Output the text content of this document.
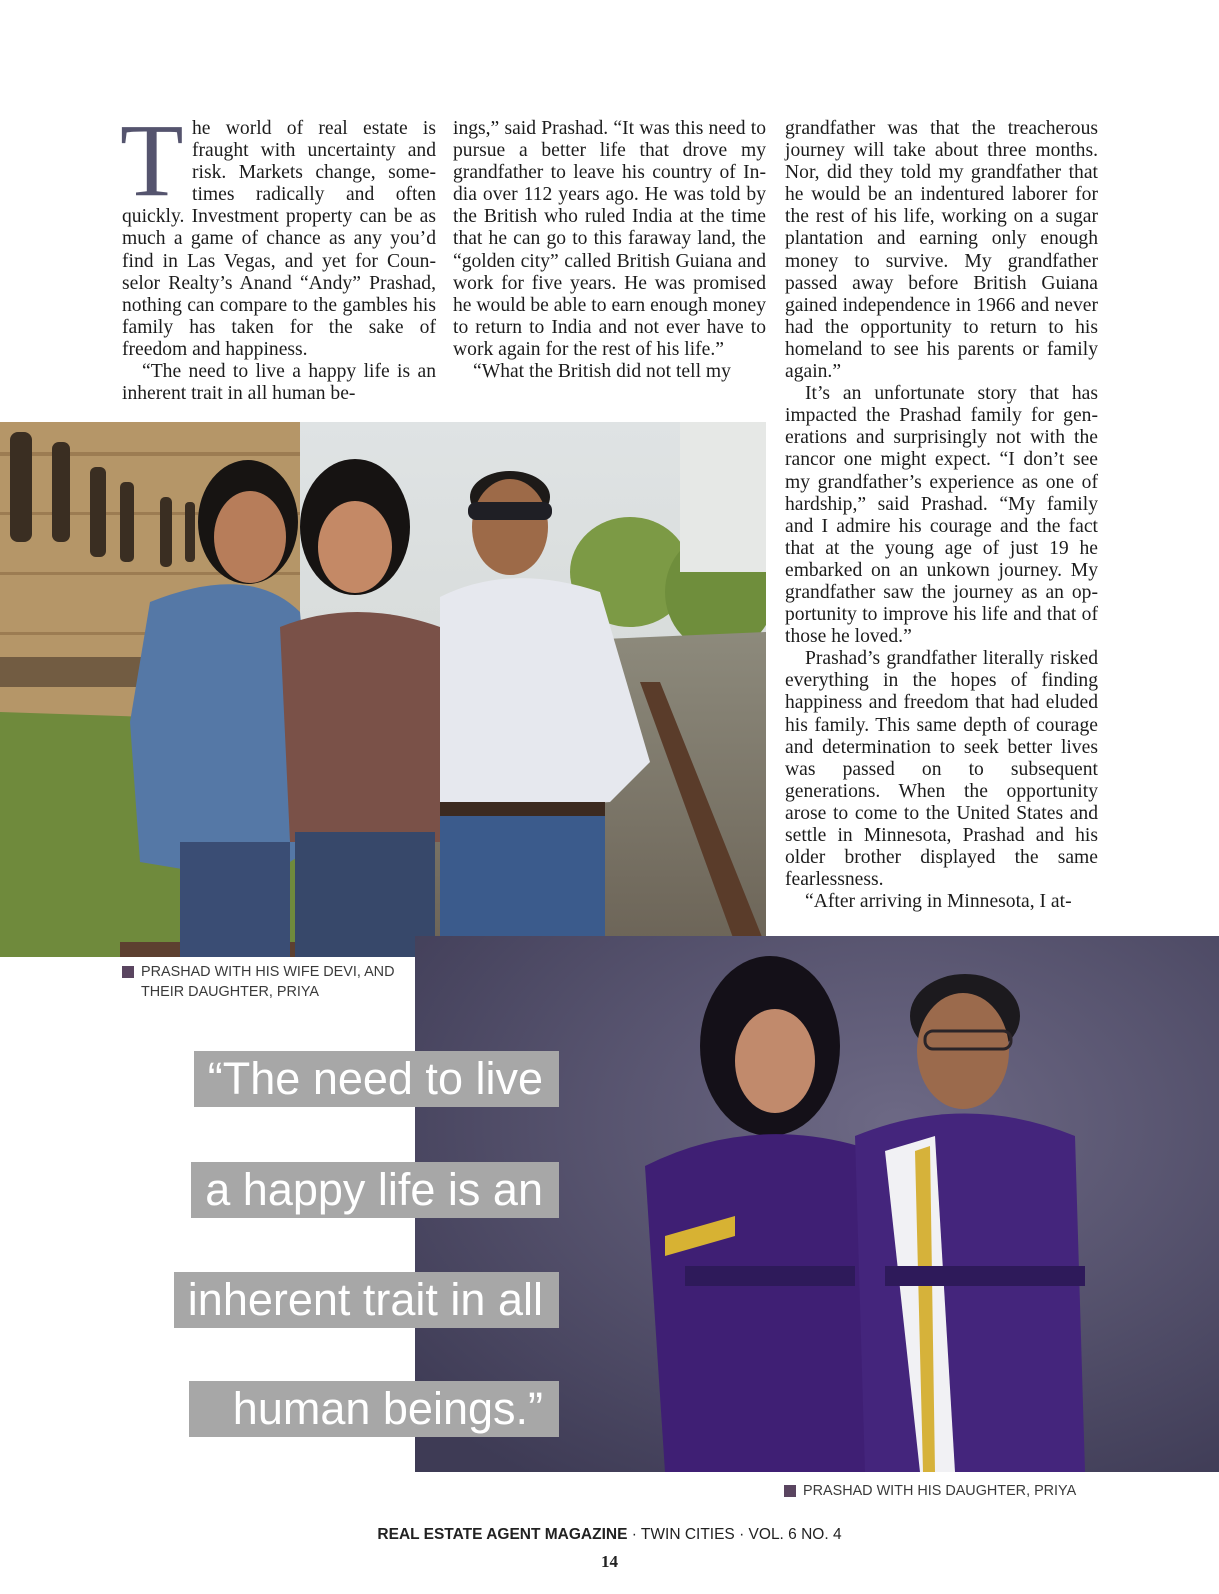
The world of real estate is fraught with uncertainty and risk. Markets change, sometimes radically and often quickly. Investment property can be as much a game of chance as any you’d find in Las Vegas, and yet for Counselor Realty’s Anand “Andy” Prashad, nothing can compare to the gambles his family has taken for the sake of freedom and happiness.

“The need to live a happy life is an inherent trait in all human be-

ings,” said Prashad. “It was this need to pursue a better life that drove my grandfather to leave his country of India over 112 years ago. He was told by the British who ruled India at the time that he can go to this faraway land, the “golden city” called British Guiana and work for five years. He was promised he would be able to earn enough money to return to India and not ever have to work again for the rest of his life.”

“What the British did not tell my

grandfather was that the treacherous journey will take about three months. Nor, did they told my grandfather that he would be an indentured laborer for the rest of his life, working on a sugar plantation and earning only enough money to survive. My grandfather passed away before British Guiana gained independence in 1966 and never had the opportunity to return to his homeland to see his parents or family again.”

It’s an unfortunate story that has impacted the Prashad family for generations and surprisingly not with the rancor one might expect. “I don’t see my grandfather’s experience as one of hardship,” said Prashad. “My family and I admire his courage and the fact that at the young age of just 19 he embarked on an unkown journey. My grandfather saw the journey as an opportunity to improve his life and that of those he loved.”

Prashad’s grandfather literally risked everything in the hopes of finding happiness and freedom that had eluded his family. This same depth of courage and determination to seek better lives was passed on to subsequent generations. When the opportunity arose to come to the United States and settle in Minnesota, Prashad and his older brother displayed the same fearlessness.

“After arriving in Minnesota, I at-

PRASHAD WITH HIS WIFE DEVI, AND THEIR DAUGHTER, PRIYA
PRASHAD WITH HIS DAUGHTER, PRIYA
“The need to live
a happy life is an
inherent trait in all
human beings.”
REAL ESTATE AGENT MAGAZINE · TWIN CITIES · VOL. 6 NO. 4
14
